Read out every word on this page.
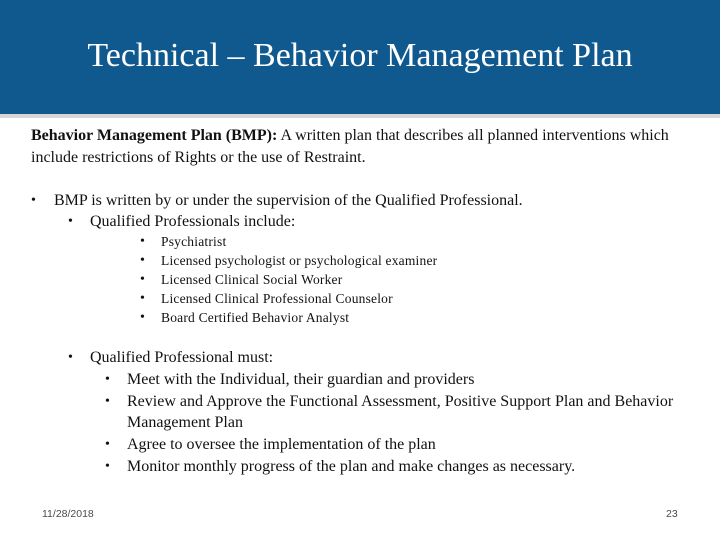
Technical – Behavior Management Plan
Behavior Management Plan (BMP): A written plan that describes all planned interventions which include restrictions of Rights or the use of Restraint.
• BMP is written by or under the supervision of the Qualified Professional.
• Qualified Professionals include:
• Psychiatrist
• Licensed psychologist or psychological examiner
• Licensed Clinical Social Worker
• Licensed Clinical Professional Counselor
• Board Certified Behavior Analyst
• Qualified Professional must:
• Meet with the Individual, their guardian and providers
• Review and Approve the Functional Assessment, Positive Support Plan and Behavior Management Plan
• Agree to oversee the implementation of the plan
• Monitor monthly progress of the plan and make changes as necessary.
11/28/2018	23
